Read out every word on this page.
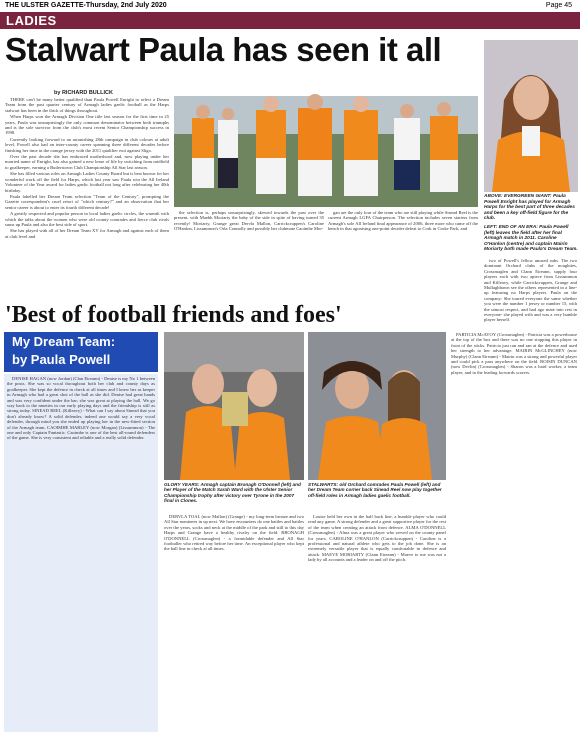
THE ULSTER GAZETTE-Thursday, 2nd July 2020	Page 45
LADIES
Stalwart Paula has seen it all
by RICHARD BULLICK

THERE can't be many better qualified than Paula Powell Enright to select a Dream Team from the past quarter century of Armagh ladies gaelic football as the Harps stalwart has been in the thick of things throughout.

When Harps won the Armagh Division One title last season for the first time in 25 years, Paula was unsurprisingly the only common denominator between both triumphs and is the sole survivor from the club's most recent Senior Championship success in 1998.

Currently looking forward to an astonishing 28th campaign in club colours at adult level, Powell also had an inter-county career spanning three different decades before finishing her time in the orange jersey with the 2011 qualifier exit against Sligo.

Over the past decade she has embraced motherhood and, now playing under her married name of Enright, has also gained a new lease of life by switching from midfield to goalkeeper, earning a Butlerstown Club Championship All Star last season.

She has filled various roles on Armagh Ladies County Board but is best known for her wonderful work off the field for Harps, which last year saw Paula win the All Ireland Volunteer of the Year award for ladies gaelic football not long after celebrating her 40th birthday.

Paula labelled her Dream Team selection "Team of the Century", prompting the Gazette correspondent's cruel retort of "which century?" and an observation that her senior career is about to enter its fourth different decade!

A greatly respected and popular person in local ladies gaelic circles, the warmth with which the talks about the women who were old county comrades and fierce club rivals sums up Paula and also the best side of sport.

She has played with all of her Dream Team XV for Armagh and against each of them at club level and

the selection is, perhaps unsurprisingly, skewed towards the past over the present, with Maebh Moriarty the baby of the side in spite of having turned 35 recently! Moriarty, Grange great Dervla Mallon, Carrickcruppen's Caroline O'Hanlon, Lissummon's Orla Connolly and possibly her clubmate Caoimhe Mor-

gan are the only four of the team who are still playing while Sinead Reel is the current Armagh LGFA Chairperson. The selection includes seven starters from Armagh's sole All Ireland final appearance of 2006, three more who came off the bench in that agonising one-point decider defeat to Cork in Croke Park, and

ABOVE: EVERGREEN GIANT: Paula Powell Enright has played for Armagh Harps for the best part of three decades and been a key off-field figure for the club.
LEFT: END OF AN ERA: Paula Powell (left) leaves the field after her final Armagh match in 2011. Caroline O'Hanlon (centre) and captain Mairin Moriarty both made Paula's Dream Team.

two of Powell's fellow unused subs. The two dominant Orchard clubs of the noughties, Crossmaglen and Clann Eireann, supply four players each with two apiece from Lissummon and Killeavy, while Carrickcruppen, Grange and Mullaghbawn see the others represented in a line-up featuring no Harps players. Paula on the company: She toured everyone the same whether you were the number 1 jersey or number 15, with the utmost respect, and had ago mate into rest in everyone- she played with and was a very humble player herself.

'Best of football friends and foes'
My Dream Team:
by Paula Powell

DENISE HAGAN (now Jordan) (Clan Eireann) - Denise is my No 1 between the posts. She was so vocal throughout both her club and county days as goalkeeper. She kept the defence in check at all times and I knew her as keeper in Armagh who had a great shot of the ball as she did. Denise had great hands and was very confident under the bar; she was great at playing the ball. We go way back to the nineties in our early playing days and the friendship is still as strong today. SINEAD REEL (Killeavy) - What can I say about Sinead that you don't already know? A solid defender, indeed one would say a very vocal defender, through mind you she ended up playing her in the new-fitted section of the Armagh team. CAOIMHE MARLEY (now Morgan) (Lissummon) - The one and only Captain Fantastic. Caoimhe is one of the best all-round defenders of the game. She is very consistent and reliable and a really solid defender.

GLORY YEARS: Armagh captain Bronagh O'Donnell (left) and her Player of the Match Sarah Ward with the Ulster Senior Championship trophy after victory over Tyrone in the 2007 final in Clones.
STALWARTS: old Orchard comrades Paula Powell (left) and her Dream Team corner back Sinead Reel now play together off-field roles in Armagh ladies gaelic football.

DERVLA TOAL (now Mallon) (Grange) - my long-term bronze and two All Star nominees in up next. We have encounters do one battles and battles over the years, socks and neck at the middle of the park and still to this day Harps and Grange have a healthy rivalry on the field. BRONAGH O'DONNELL (Crossmaglen) - a formidable defender and All Star footballer who retired way before her time. An exceptional player who kept the ball line in check at all times.

Louise held her own in the half back line, a humble player who could read any game. A strong defender and a great supportive player for the rest of the team when creating an attack from defence. ALMA O'DONNELL (Crossmaglen) - Alma was a great player who served on the county panel for years. CAROLINE O'HANLON (Carrickcruppen) - Caroline is a professional and natural athlete who gets to the job done. She is an extremely versatile player that is equally comfortable in defence and attack. MAEVE MORIARTY (Clann Eireann) - Maeve to me was not a lady by all accounts and a leader on and off the pitch.

PARTICIA McAVOY (Crossmaglen) - Patricia was a powerhouse at the top of the box and there was no one stopping this player in front of the sticks. Patricia just ran and ran at the defence and used her strength to her advantage. MAIRIN McGLINCHEY (now Murphy) (Clann Eireann) - Mairin was a strong and powerful player and could pick a pass anywhere on the field. ROISIN DUNCAN (now Devlin) (Crossmaglen) - Sharon was a hard worker, a team player, and in the leading forwards scorers.
